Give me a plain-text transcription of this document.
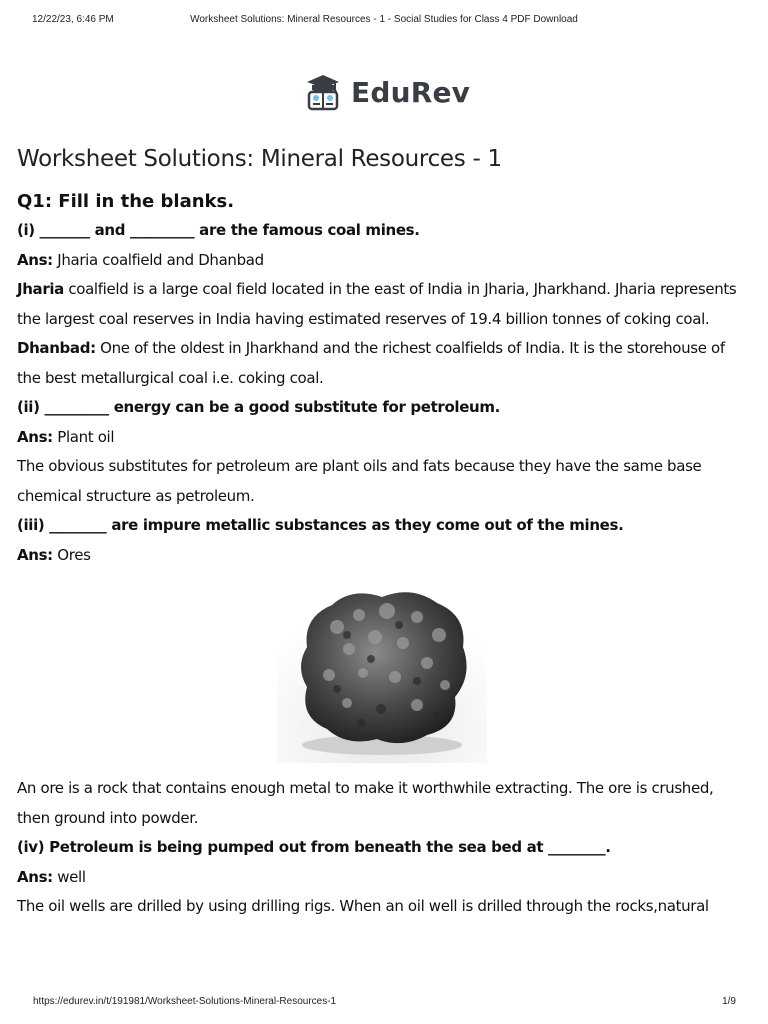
12/22/23, 6:46 PM	Worksheet Solutions: Mineral Resources - 1 - Social Studies for Class 4 PDF Download
EduRev
Worksheet Solutions: Mineral Resources - 1
Q1: Fill in the blanks.

(i) _______ and _________ are the famous coal mines.

Ans: Jharia coalfield and Dhanbad

Jharia coalfield is a large coal field located in the east of India in Jharia, Jharkhand. Jharia represents the largest coal reserves in India having estimated reserves of 19.4 billion tonnes of coking coal.

Dhanbad: One of the oldest in Jharkhand and the richest coalfields of India. It is the storehouse of the best metallurgical coal i.e. coking coal.

(ii) _________ energy can be a good substitute for petroleum.

Ans: Plant oil

The obvious substitutes for petroleum are plant oils and fats because they have the same base chemical structure as petroleum.

(iii) ________ are impure metallic substances as they come out of the mines.

Ans: Ores

An ore is a rock that contains enough metal to make it worthwhile extracting. The ore is crushed, then ground into powder.

(iv) Petroleum is being pumped out from beneath the sea bed at ________.

Ans: well

The oil wells are drilled by using drilling rigs. When an oil well is drilled through the rocks,natural

https://edurev.in/t/191981/Worksheet-Solutions-Mineral-Resources-1	1/9
